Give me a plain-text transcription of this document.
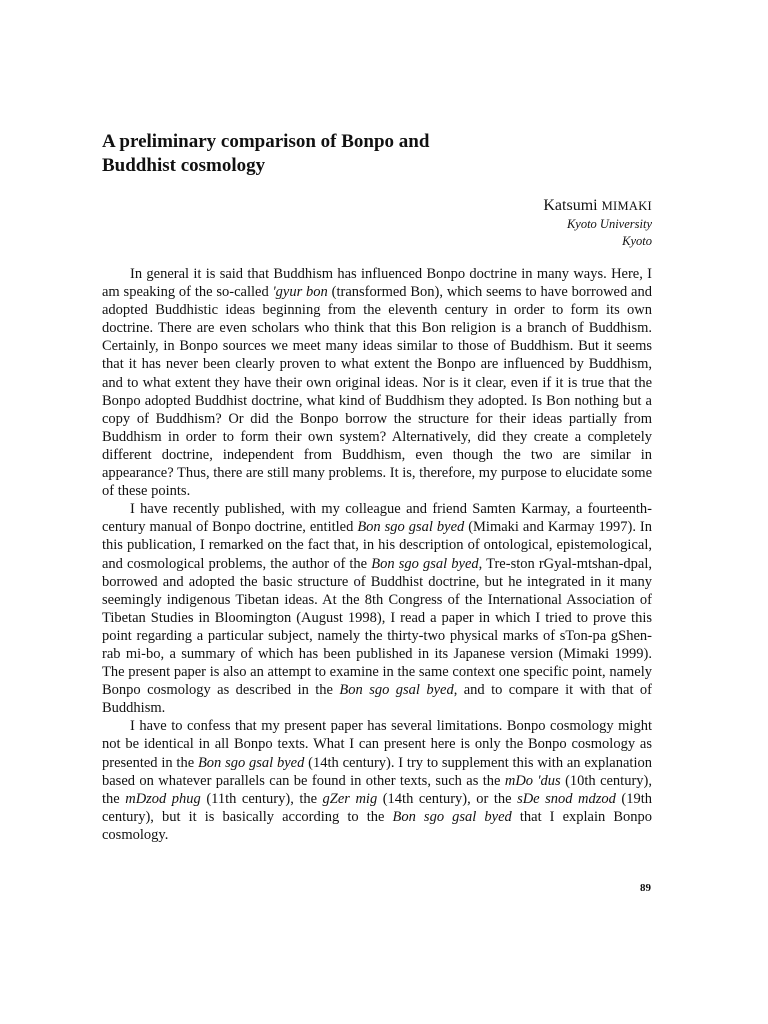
A preliminary comparison of Bonpo and
Buddhist cosmology
Katsumi MIMAKI
Kyoto University
Kyoto

In general it is said that Buddhism has influenced Bonpo doctrine in many ways. Here, I am speaking of the so-called 'gyur bon (transformed Bon), which seems to have borrowed and adopted Buddhistic ideas beginning from the eleventh century in order to form its own doctrine. There are even scholars who think that this Bon religion is a branch of Buddhism. Certainly, in Bonpo sources we meet many ideas similar to those of Buddhism. But it seems that it has never been clearly proven to what extent the Bonpo are influenced by Buddhism, and to what extent they have their own original ideas. Nor is it clear, even if it is true that the Bonpo adopted Buddhist doctrine, what kind of Buddhism they adopted. Is Bon nothing but a copy of Buddhism? Or did the Bonpo borrow the structure for their ideas partially from Buddhism in order to form their own system? Alternatively, did they create a completely different doctrine, independent from Buddhism, even though the two are similar in appearance? Thus, there are still many problems. It is, therefore, my purpose to elucidate some of these points.

I have recently published, with my colleague and friend Samten Karmay, a fourteenth-century manual of Bonpo doctrine, entitled Bon sgo gsal byed (Mimaki and Karmay 1997). In this publication, I remarked on the fact that, in his description of ontological, epistemological, and cosmological problems, the author of the Bon sgo gsal byed, Tre-ston rGyal-mtshan-dpal, borrowed and adopted the basic structure of Buddhist doctrine, but he integrated in it many seemingly indigenous Tibetan ideas. At the 8th Congress of the International Association of Tibetan Studies in Bloomington (August 1998), I read a paper in which I tried to prove this point regarding a particular subject, namely the thirty-two physical marks of sTon-pa gShen-rab mi-bo, a summary of which has been published in its Japanese version (Mimaki 1999). The present paper is also an attempt to examine in the same context one specific point, namely Bonpo cosmology as described in the Bon sgo gsal byed, and to compare it with that of Buddhism.

I have to confess that my present paper has several limitations. Bonpo cosmology might not be identical in all Bonpo texts. What I can present here is only the Bonpo cosmology as presented in the Bon sgo gsal byed (14th century). I try to supplement this with an explanation based on whatever parallels can be found in other texts, such as the mDo 'dus (10th century), the mDzod phug (11th century), the gZer mig (14th century), or the sDe snod mdzod (19th century), but it is basically according to the Bon sgo gsal byed that I explain Bonpo cosmology.

89
